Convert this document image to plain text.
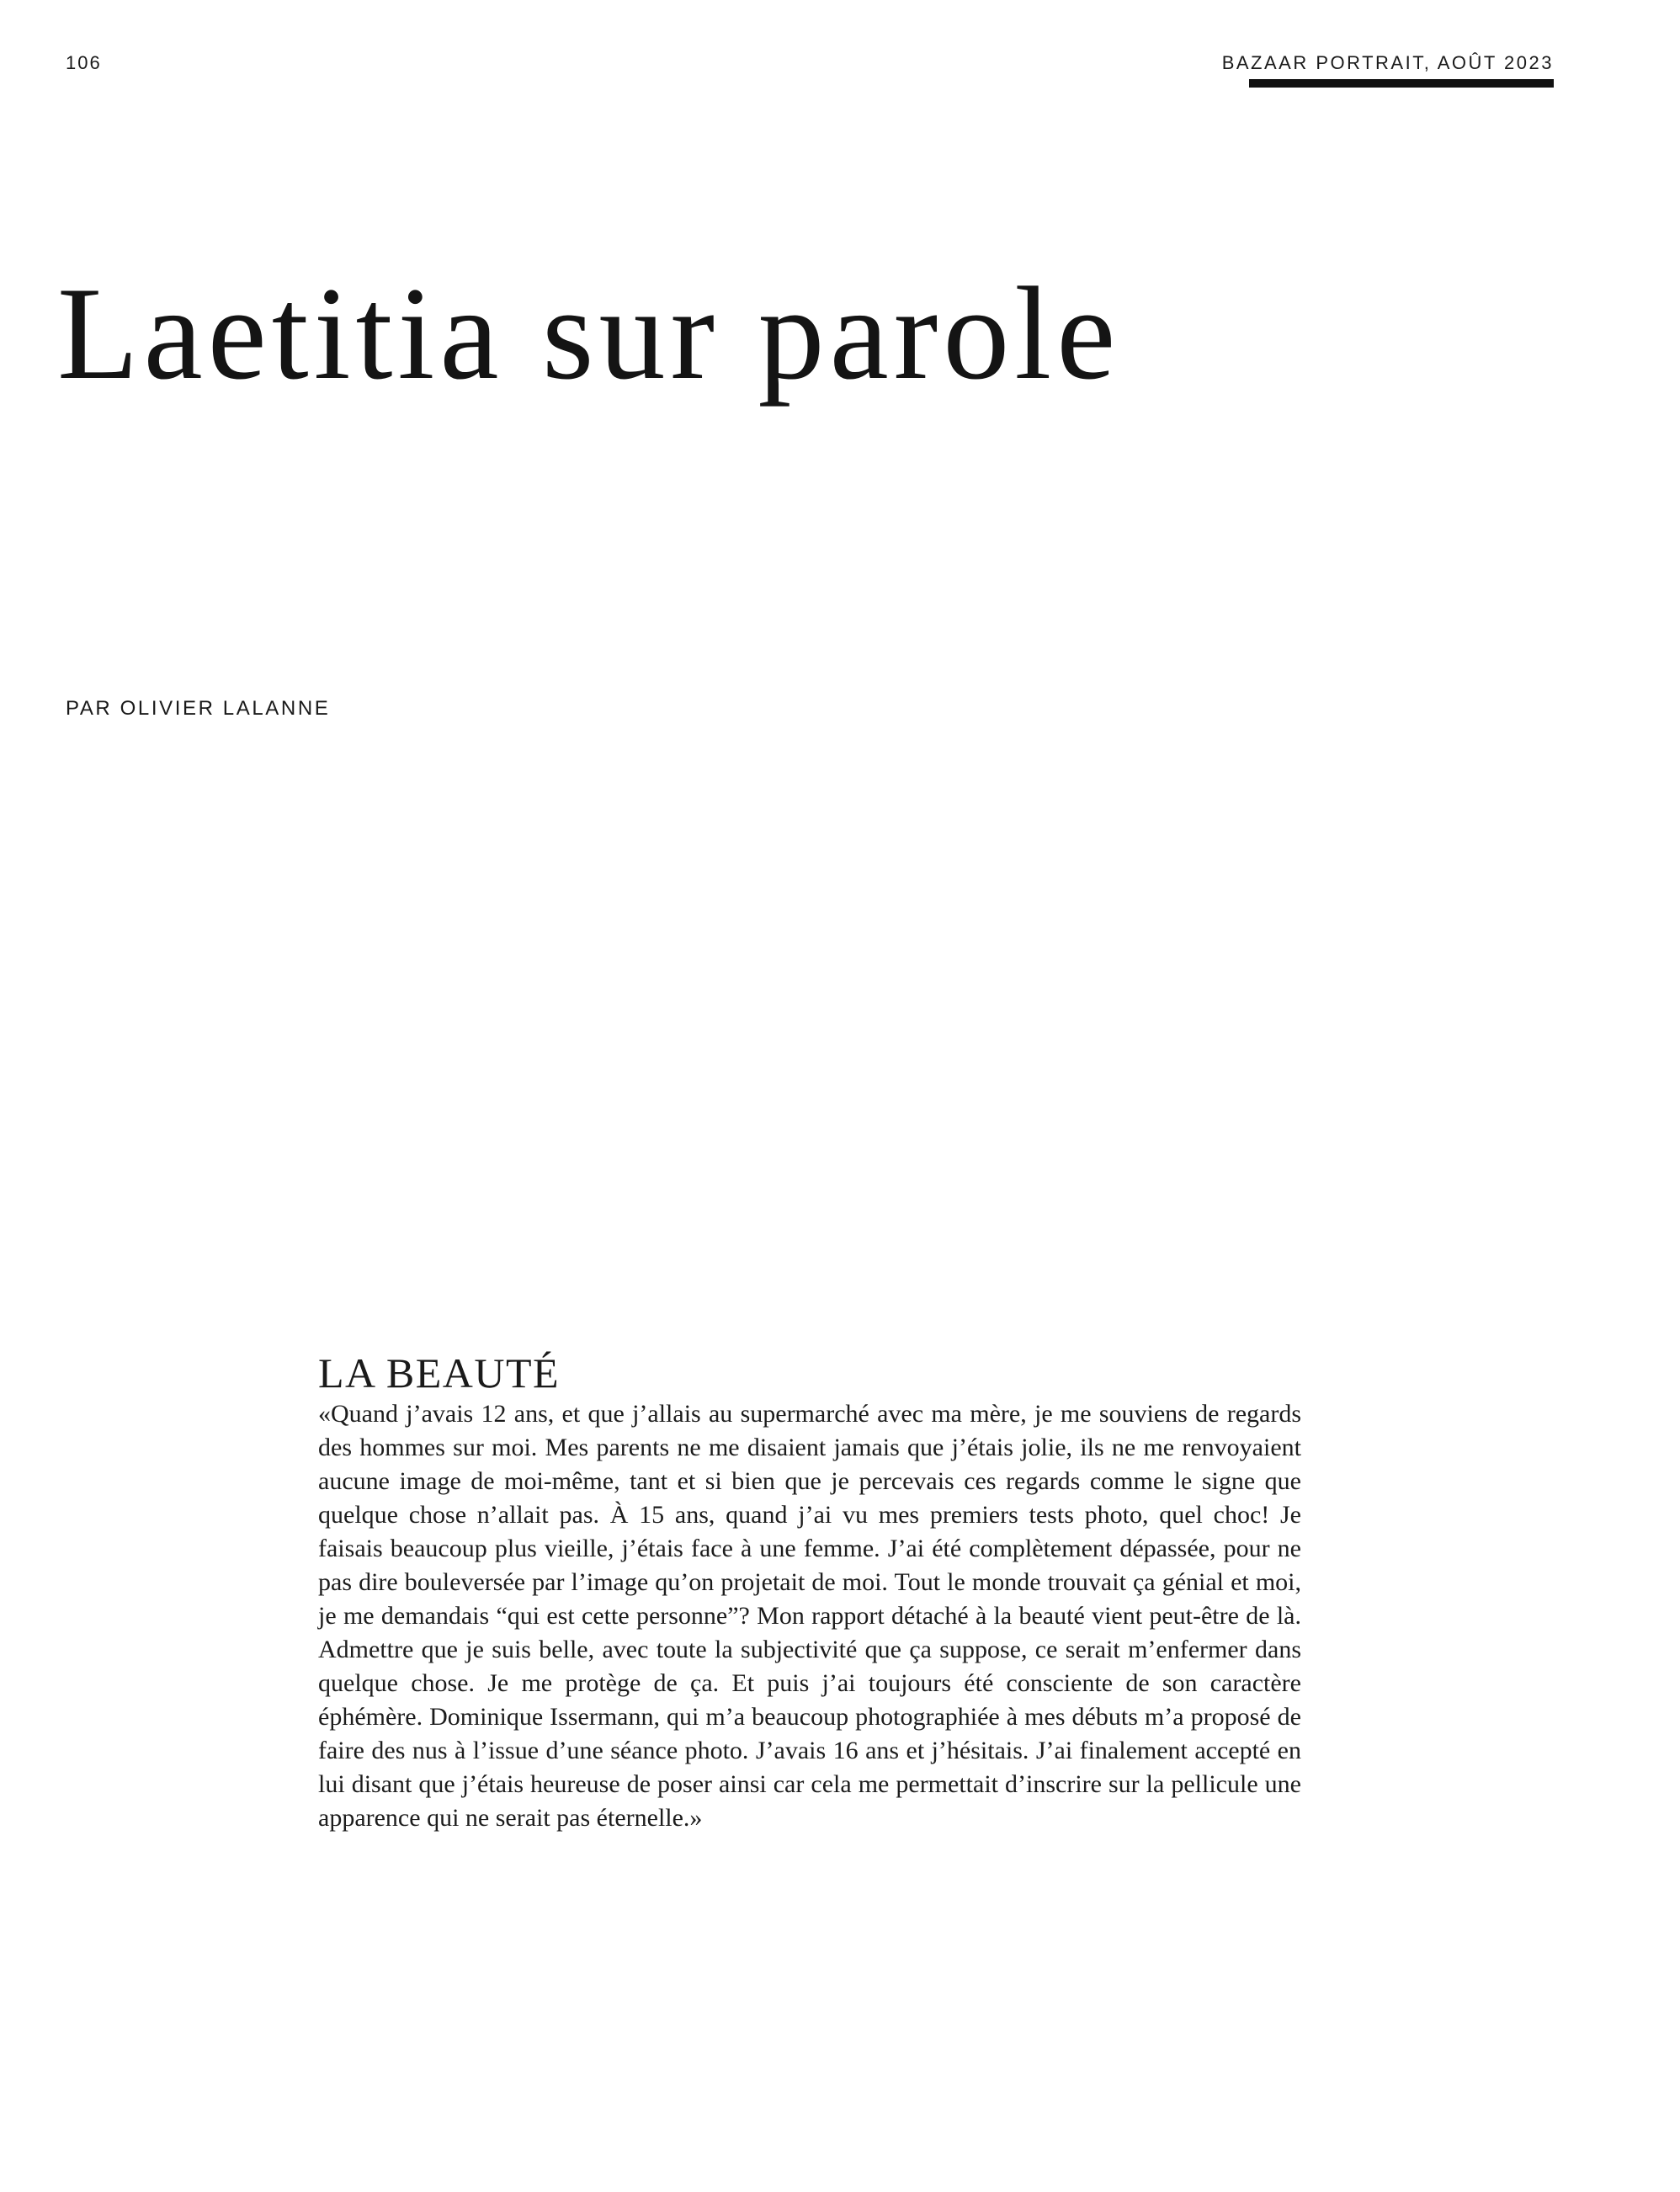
106	BAZAAR PORTRAIT, AOÛT 2023
Laetitia sur parole
PAR OLIVIER LALANNE
LA BEAUTÉ

«Quand j’avais 12 ans, et que j’allais au supermarché avec ma mère, je me souviens de regards des hommes sur moi. Mes parents ne me disaient jamais que j’étais jolie, ils ne me renvoyaient aucune image de moi-même, tant et si bien que je percevais ces regards comme le signe que quelque chose n’allait pas. À 15 ans, quand j’ai vu mes premiers tests photo, quel choc! Je faisais beaucoup plus vieille, j’étais face à une femme. J’ai été complètement dépassée, pour ne pas dire bouleversée par l’image qu’on projetait de moi. Tout le monde trouvait ça génial et moi, je me demandais “qui est cette personne”? Mon rapport détaché à la beauté vient peut-être de là. Admettre que je suis belle, avec toute la subjectivité que ça suppose, ce serait m’enfermer dans quelque chose. Je me protège de ça. Et puis j’ai toujours été consciente de son caractère éphémère. Dominique Issermann, qui m’a beaucoup photographiée à mes débuts m’a proposé de faire des nus à l’issue d’une séance photo. J’avais 16 ans et j’hésitais. J’ai finalement accepté en lui disant que j’étais heureuse de poser ainsi car cela me permettait d’inscrire sur la pellicule une apparence qui ne serait pas éternelle.»
